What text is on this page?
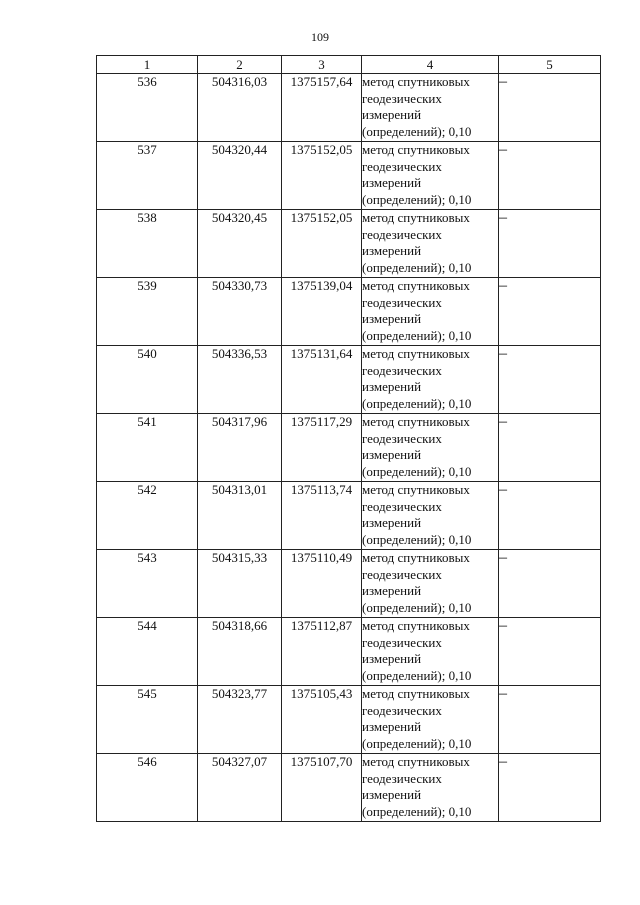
109
1	2	3	4	5
536	504316,03	1375157,64	метод спутниковых
геодезических
измерений
(определений); 0,10	–
537	504320,44	1375152,05	метод спутниковых
геодезических
измерений
(определений); 0,10	–
538	504320,45	1375152,05	метод спутниковых
геодезических
измерений
(определений); 0,10	–
539	504330,73	1375139,04	метод спутниковых
геодезических
измерений
(определений); 0,10	–
540	504336,53	1375131,64	метод спутниковых
геодезических
измерений
(определений); 0,10	–
541	504317,96	1375117,29	метод спутниковых
геодезических
измерений
(определений); 0,10	–
542	504313,01	1375113,74	метод спутниковых
геодезических
измерений
(определений); 0,10	–
543	504315,33	1375110,49	метод спутниковых
геодезических
измерений
(определений); 0,10	–
544	504318,66	1375112,87	метод спутниковых
геодезических
измерений
(определений); 0,10	–
545	504323,77	1375105,43	метод спутниковых
геодезических
измерений
(определений); 0,10	–
546	504327,07	1375107,70	метод спутниковых
геодезических
измерений
(определений); 0,10	–
